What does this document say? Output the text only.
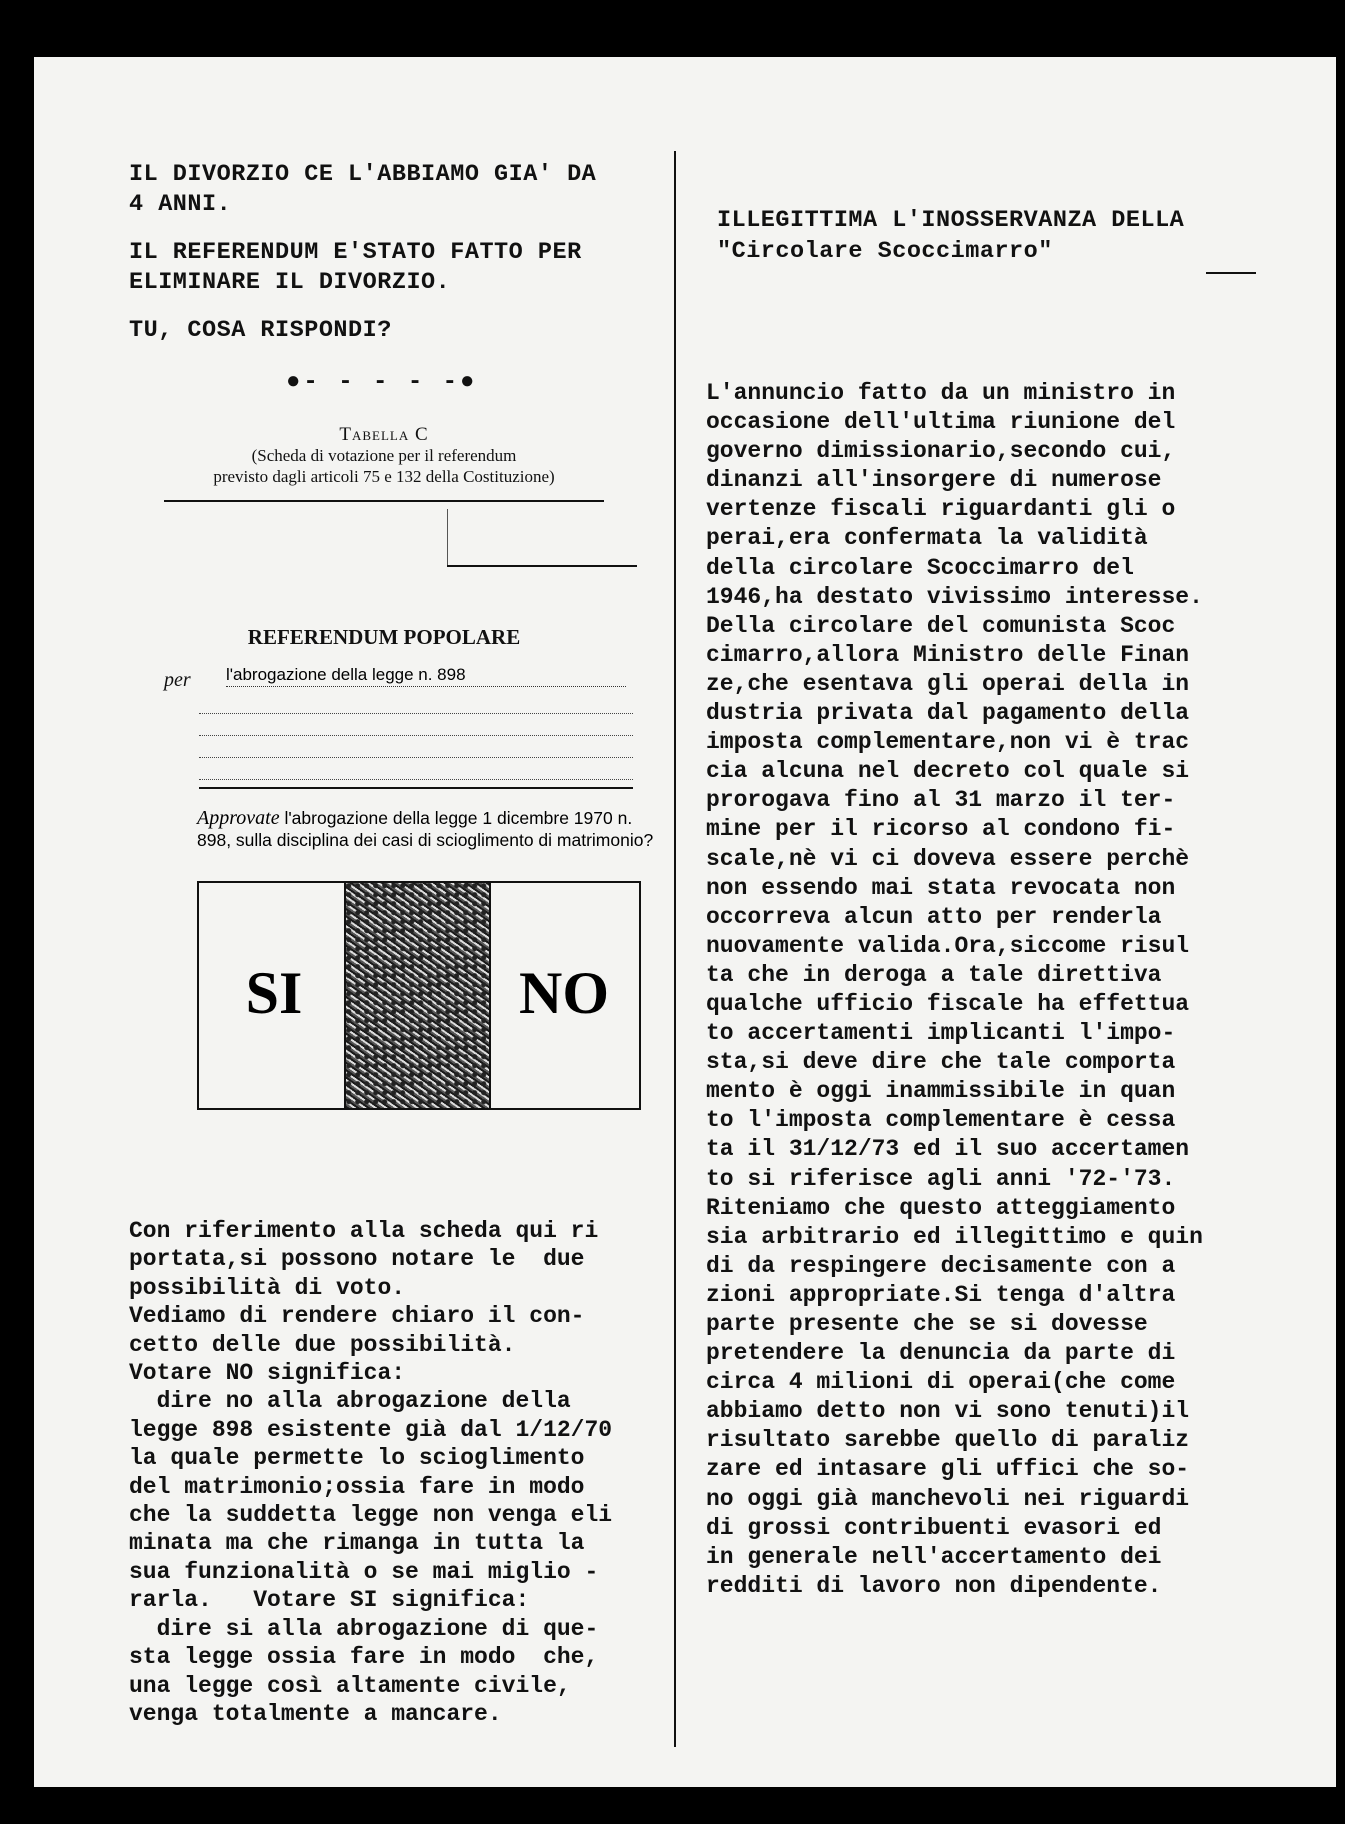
IL DIVORZIO CE L'ABBIAMO GIA' DA
4 ANNI.

IL REFERENDUM E'STATO FATTO PER
ELIMINARE IL DIVORZIO.

TU, COSA RISPONDI?

●- - - - -●
Tabella C
(Scheda di votazione per il referendum
previsto dagli articoli 75 e 132 della Costituzione)
REFERENDUM POPOLARE
per l'abrogazione della legge n. 898
Approvate l'abrogazione della legge 1 dicembre 1970 n. 898, sulla disciplina dei casi di scioglimento di matrimonio?
SI	NO
Con riferimento alla scheda qui ri
portata,si possono notare le  due
possibilità di voto.
Vediamo di rendere chiaro il con-
cetto delle due possibilità.
Votare NO significa:
dire no alla abrogazione della
legge 898 esistente già dal 1/12/70
la quale permette lo scioglimento
del matrimonio;ossia fare in modo
che la suddetta legge non venga eli
minata ma che rimanga in tutta la
sua funzionalità o se mai miglio -
rarla.   Votare SI significa:
dire si alla abrogazione di que-
sta legge ossia fare in modo  che,
una legge così altamente civile,
venga totalmente a mancare.
ILLEGITTIMA L'INOSSERVANZA DELLA
"Circolare Scoccimarro"
L'annuncio fatto da un ministro in
occasione dell'ultima riunione del
governo dimissionario,secondo cui,
dinanzi all'insorgere di numerose
vertenze fiscali riguardanti gli o
perai,era confermata la validità
della circolare Scoccimarro del
1946,ha destato vivissimo interesse.
Della circolare del comunista Scoc
cimarro,allora Ministro delle Finan
ze,che esentava gli operai della in
dustria privata dal pagamento della
imposta complementare,non vi è trac
cia alcuna nel decreto col quale si
prorogava fino al 31 marzo il ter-
mine per il ricorso al condono fi-
scale,nè vi ci doveva essere perchè
non essendo mai stata revocata non
occorreva alcun atto per renderla
nuovamente valida.Ora,siccome risul
ta che in deroga a tale direttiva
qualche ufficio fiscale ha effettua
to accertamenti implicanti l'impo-
sta,si deve dire che tale comporta
mento è oggi inammissibile in quan
to l'imposta complementare è cessa
ta il 31/12/73 ed il suo accertamen
to si riferisce agli anni '72-'73.
Riteniamo che questo atteggiamento
sia arbitrario ed illegittimo e quin
di da respingere decisamente con a
zioni appropriate.Si tenga d'altra
parte presente che se si dovesse
pretendere la denuncia da parte di
circa 4 milioni di operai(che come
abbiamo detto non vi sono tenuti)il
risultato sarebbe quello di paraliz
zare ed intasare gli uffici che so-
no oggi già manchevoli nei riguardi
di grossi contribuenti evasori ed
in generale nell'accertamento dei
redditi di lavoro non dipendente.
